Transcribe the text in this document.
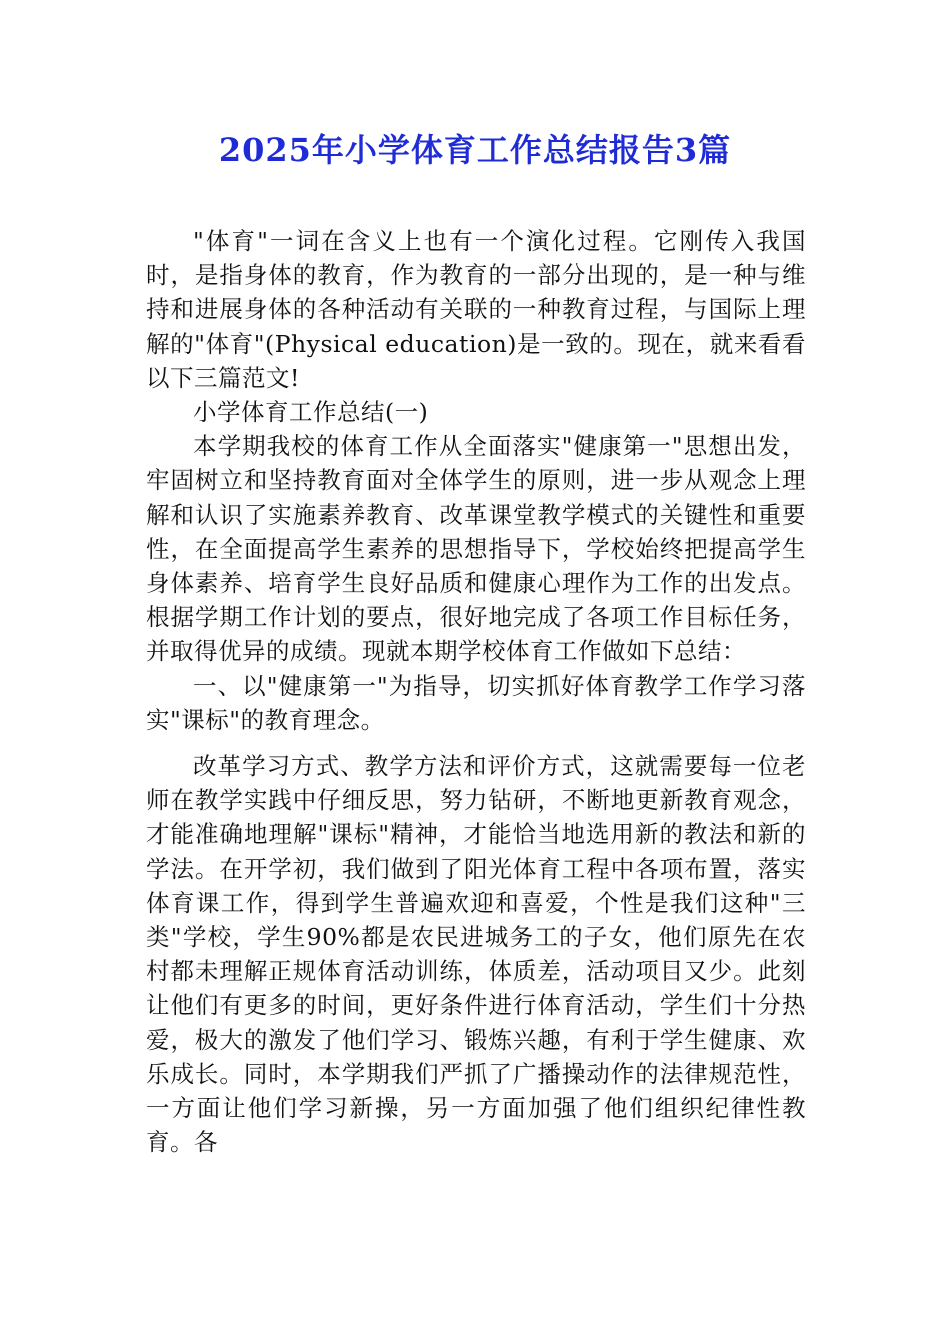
2025年小学体育工作总结报告3篇

"体育"一词在含义上也有一个演化过程。它刚传入我国时，是指身体的教育，作为教育的一部分出现的，是一种与维持和进展身体的各种活动有关联的一种教育过程，与国际上理解的"体育"(Physical education)是一致的。现在，就来看看以下三篇范文!

小学体育工作总结(一)

本学期我校的体育工作从全面落实"健康第一"思想出发，牢固树立和坚持教育面对全体学生的原则，进一步从观念上理解和认识了实施素养教育、改革课堂教学模式的关键性和重要性，在全面提高学生素养的思想指导下，学校始终把提高学生身体素养、培育学生良好品质和健康心理作为工作的出发点。根据学期工作计划的要点，很好地完成了各项工作目标任务，并取得优异的成绩。现就本期学校体育工作做如下总结：

一、以"健康第一"为指导，切实抓好体育教学工作学习落实"课标"的教育理念。

改革学习方式、教学方法和评价方式，这就需要每一位老师在教学实践中仔细反思，努力钻研，不断地更新教育观念，才能准确地理解"课标"精神，才能恰当地选用新的教法和新的学法。在开学初，我们做到了阳光体育工程中各项布置，落实体育课工作，得到学生普遍欢迎和喜爱，个性是我们这种"三类"学校，学生90%都是农民进城务工的子女，他们原先在农村都未理解正规体育活动训练，体质差，活动项目又少。此刻让他们有更多的时间，更好条件进行体育活动，学生们十分热爱，极大的激发了他们学习、锻炼兴趣，有利于学生健康、欢乐成长。同时，本学期我们严抓了广播操动作的法律规范性，一方面让他们学习新操，另一方面加强了他们组织纪律性教育。各
